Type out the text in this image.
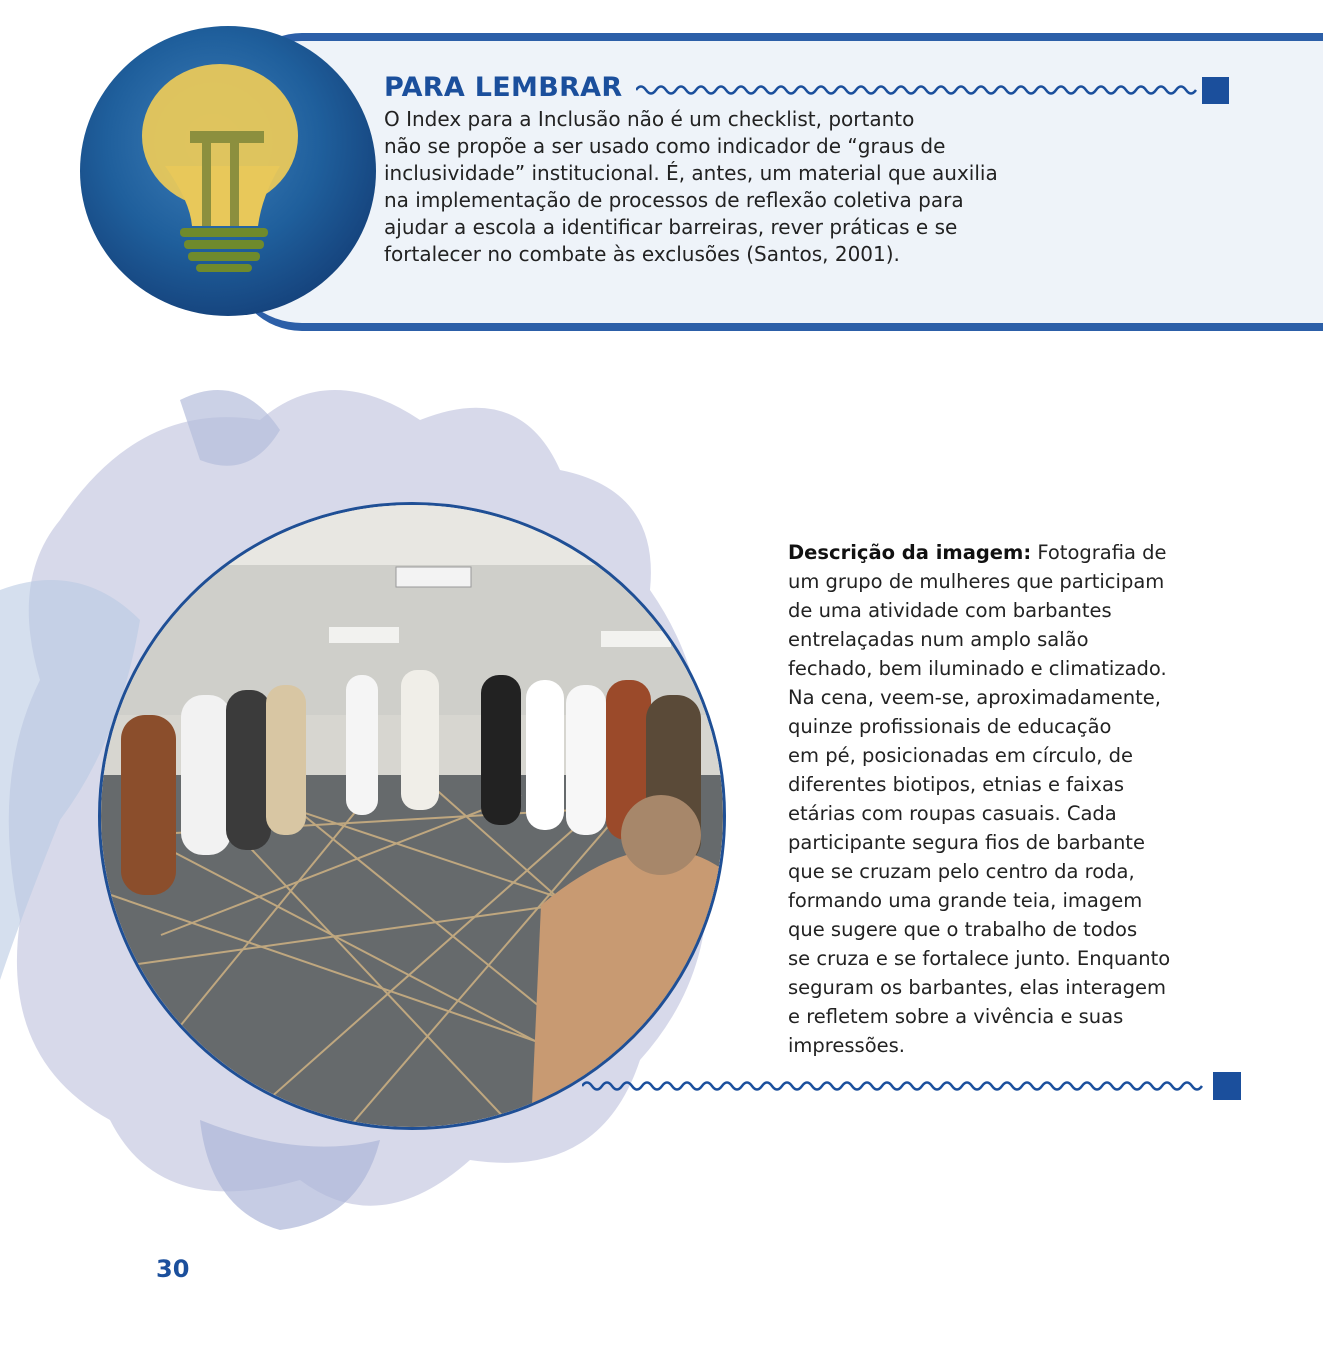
PARA LEMBRAR

O Index para a Inclusão não é um checklist, portanto
não se propõe a ser usado como indicador de “graus de
inclusividade” institucional. É, antes, um material que auxilia
na implementação de processos de reflexão coletiva para
ajudar a escola a identificar barreiras, rever práticas e se
fortalecer no combate às exclusões (Santos, 2001).

Descrição da imagem: Fotografia de
um grupo de mulheres que participam
de uma atividade com barbantes
entrelaçadas num amplo salão
fechado, bem iluminado e climatizado.
Na cena, veem-se, aproximadamente,
quinze profissionais de educação
em pé, posicionadas em círculo, de
diferentes biotipos, etnias e faixas
etárias com roupas casuais. Cada
participante segura fios de barbante
que se cruzam pelo centro da roda,
formando uma grande teia, imagem
que sugere que o trabalho de todos
se cruza e se fortalece junto. Enquanto
seguram os barbantes, elas interagem
e refletem sobre a vivência e suas
impressões.

30
